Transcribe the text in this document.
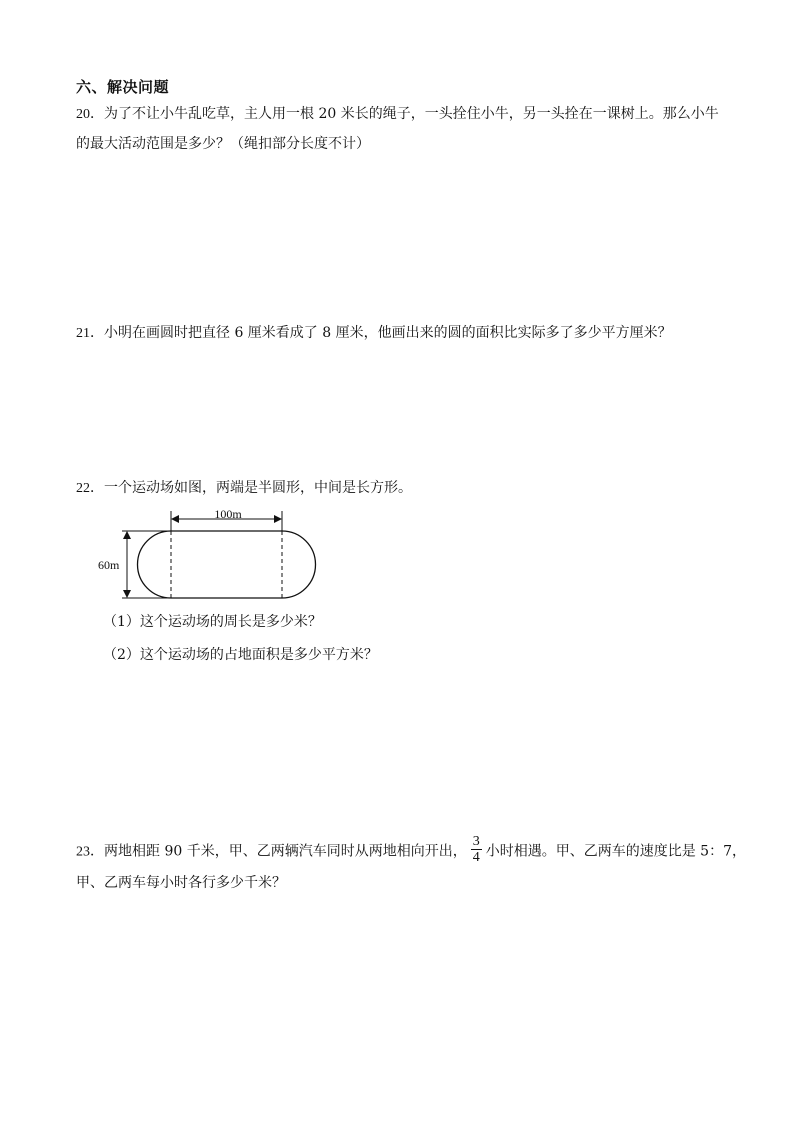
六、解决问题
20．为了不让小牛乱吃草，主人用一根 20 米长的绳子，一头拴住小牛，另一头拴在一课树上。那么小牛
的最大活动范围是多少？（绳扣部分长度不计）
21．小明在画圆时把直径 6 厘米看成了 8 厘米，他画出来的圆的面积比实际多了多少平方厘米？
22．一个运动场如图，两端是半圆形，中间是长方形。
100m
60m
（1）这个运动场的周长是多少米？
（2）这个运动场的占地面积是多少平方米？
23．两地相距 90 千米，甲、乙两辆汽车同时从两地相向开出， $\frac{3}{4}$ 小时相遇。甲、乙两车的速度比是 5：7，
甲、乙两车每小时各行多少千米？
